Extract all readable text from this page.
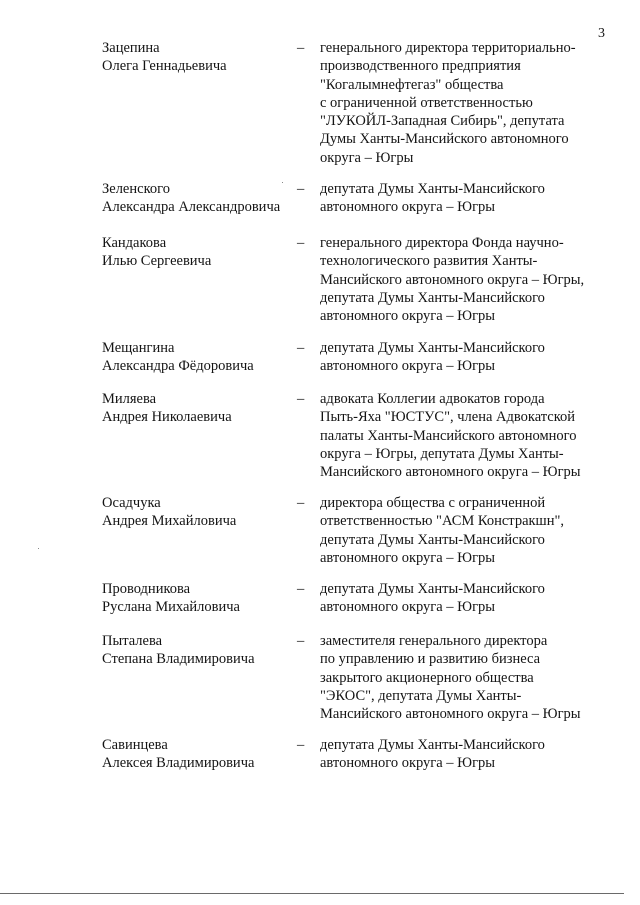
3
Зацепина
Олега Геннадьевича
–	генерального директора территориально-
производственного предприятия
"Когалымнефтегаз" общества
с ограниченной ответственностью
"ЛУКОЙЛ-Западная Сибирь", депутата
Думы Ханты-Мансийского автономного
округа – Югры
Зеленского
Александра Александровича
–	депутата Думы Ханты-Мансийского
автономного округа – Югры
Кандакова
Илью Сергеевича
–	генерального директора Фонда научно-
технологического развития Ханты-
Мансийского автономного округа – Югры,
депутата Думы Ханты-Мансийского
автономного округа – Югры
Мещангина
Александра Фёдоровича
–	депутата Думы Ханты-Мансийского
автономного округа – Югры
Миляева
Андрея Николаевича
–	адвоката Коллегии адвокатов города
Пыть-Яха "ЮСТУС", члена Адвокатской
палаты Ханты-Мансийского автономного
округа – Югры, депутата Думы Ханты-
Мансийского автономного округа – Югры
Осадчука
Андрея Михайловича
–	директора общества с ограниченной
ответственностью "АСМ Констракшн",
депутата Думы Ханты-Мансийского
автономного округа – Югры
Проводникова
Руслана Михайловича
–	депутата Думы Ханты-Мансийского
автономного округа – Югры
Пыталева
Степана Владимировича
–	заместителя генерального директора
по управлению и развитию бизнеса
закрытого акционерного общества
"ЭКОС", депутата Думы Ханты-
Мансийского автономного округа – Югры
Савинцева
Алексея Владимировича
–	депутата Думы Ханты-Мансийского
автономного округа – Югры
